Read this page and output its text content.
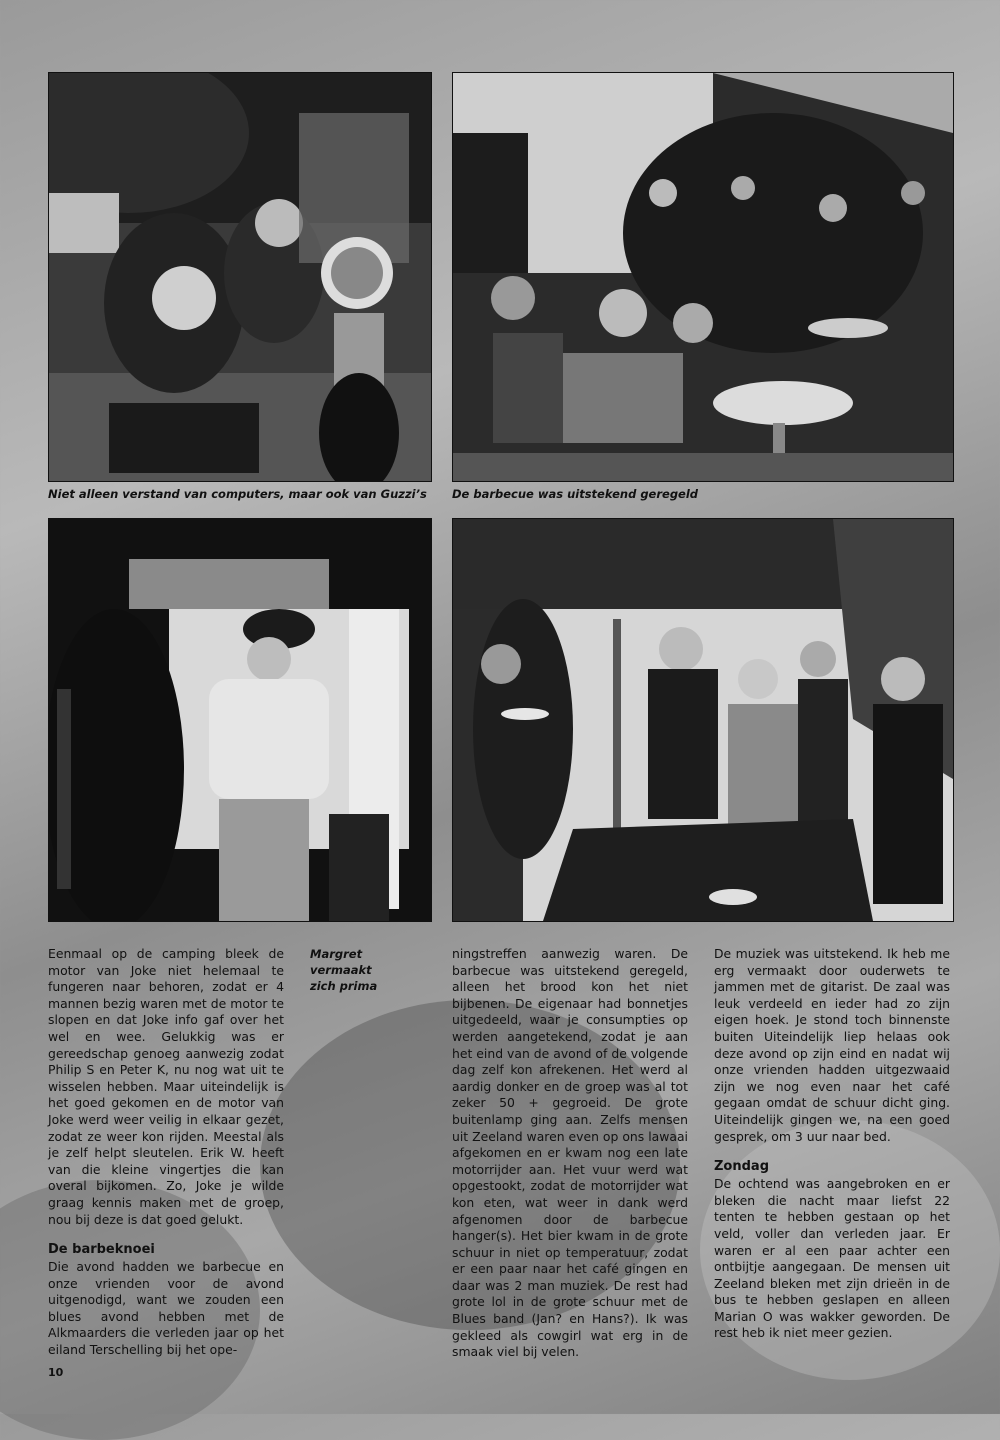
Niet alleen verstand van computers, maar ook van Guzzi’s De barbecue was uitstekend geregeld

Eenmaal op de camping bleek de motor van Joke niet helemaal te fungeren naar behoren, zodat er 4 mannen bezig waren met de motor te slopen en dat Joke info gaf over het wel en wee. Gelukkig was er gereedschap genoeg aanwezig zodat Philip S en Peter K, nu nog wat uit te wisselen hebben. Maar uiteindelijk is het goed gekomen en de motor van Joke werd weer veilig in elkaar gezet, zodat ze weer kon rijden. Meestal als je zelf helpt sleutelen. Erik W. heeft van die kleine vingertjes die kan overal bijkomen. Zo, Joke je wilde graag kennis maken met de groep, nou bij deze is dat goed gelukt.

De barbeknoei

Die avond hadden we barbecue en onze vrienden voor de avond uitgenodigd, want we zouden een blues avond hebben met de Alkmaarders die verleden jaar op het eiland Terschelling bij het ope-

Margret vermaakt zich prima

ningstreffen aanwezig waren. De barbecue was uitstekend geregeld, alleen het brood kon het niet bijbenen. De eigenaar had bonnetjes uitgedeeld, waar je consumpties op werden aangetekend, zodat je aan het eind van de avond of de volgende dag zelf kon afrekenen. Het werd al aardig donker en de groep was al tot zeker 50 + gegroeid. De grote buitenlamp ging aan. Zelfs mensen uit Zeeland waren even op ons lawaai afgekomen en er kwam nog een late motorrijder aan. Het vuur werd wat opgestookt, zodat de motorrijder wat kon eten, wat weer in dank werd afgenomen door de barbecue hanger(s). Het bier kwam in de grote schuur in niet op temperatuur, zodat er een paar naar het café gingen en daar was 2 man muziek. De rest had grote lol in de grote schuur met de Blues band (Jan? en Hans?). Ik was gekleed als cowgirl wat erg in de smaak viel bij velen.

De muziek was uitstekend. Ik heb me erg vermaakt door ouderwets te jammen met de gitarist. De zaal was leuk verdeeld en ieder had zo zijn eigen hoek. Je stond toch binnenste buiten Uiteindelijk liep helaas ook deze avond op zijn eind en nadat wij onze vrienden hadden uitgezwaaid zijn we nog even naar het café gegaan omdat de schuur dicht ging. Uiteindelijk gingen we, na een goed gesprek, om 3 uur naar bed.

Zondag

De ochtend was aangebroken en er bleken die nacht maar liefst 22 tenten te hebben gestaan op het veld, voller dan verleden jaar. Er waren er al een paar achter een ontbijtje aangegaan. De mensen uit Zeeland bleken met zijn drieën in de bus te hebben geslapen en alleen Marian O was wakker geworden. De rest heb ik niet meer gezien.

10
